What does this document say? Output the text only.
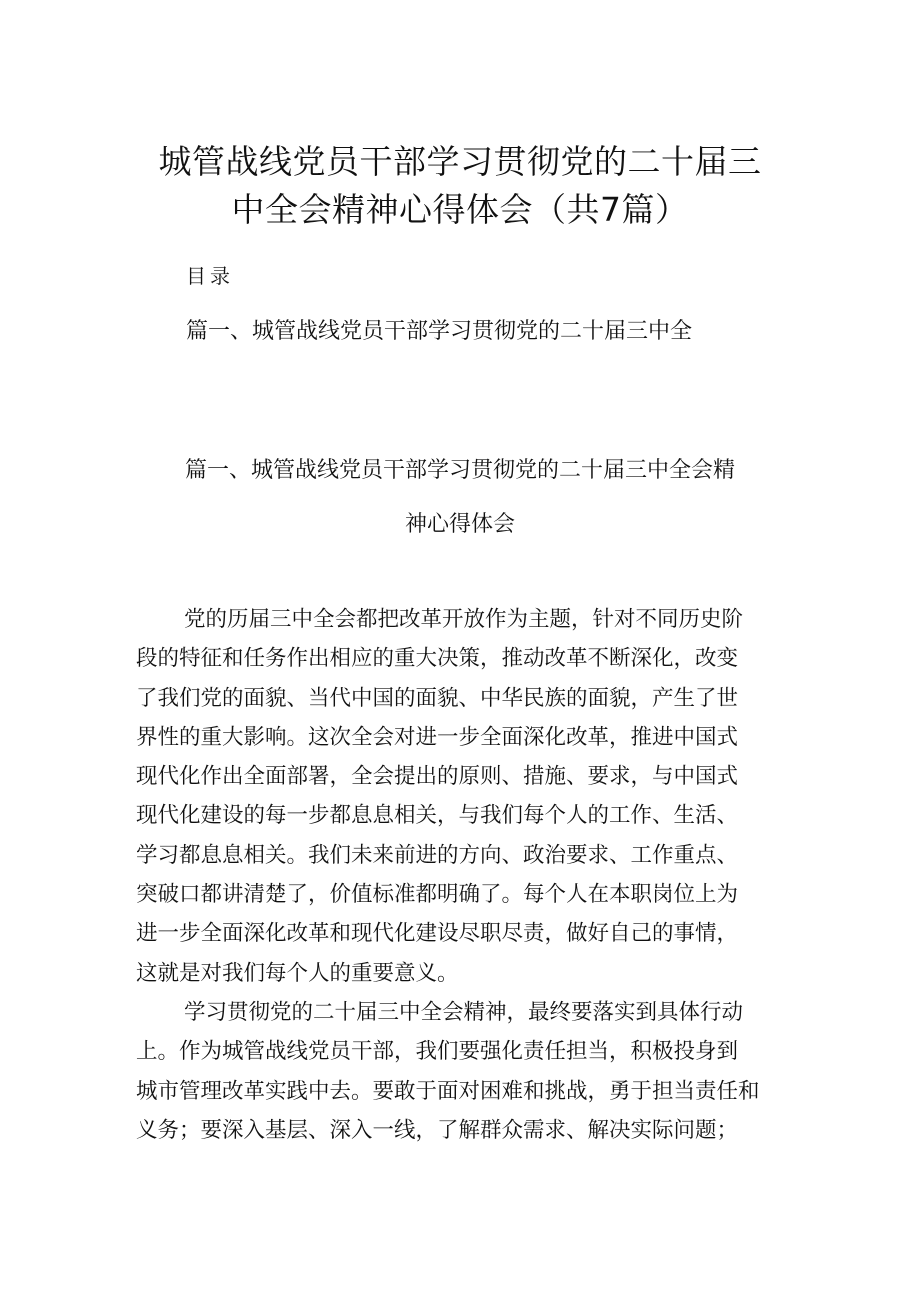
城管战线党员干部学习贯彻党的二十届三
中全会精神心得体会（共7篇）
目录
篇一、城管战线党员干部学习贯彻党的二十届三中全
篇一、城管战线党员干部学习贯彻党的二十届三中全会精
神心得体会
党的历届三中全会都把改革开放作为主题，针对不同历史阶
段的特征和任务作出相应的重大决策，推动改革不断深化，改变
了我们党的面貌、当代中国的面貌、中华民族的面貌，产生了世
界性的重大影响。这次全会对进一步全面深化改革，推进中国式
现代化作出全面部署，全会提出的原则、措施、要求，与中国式
现代化建设的每一步都息息相关，与我们每个人的工作、生活、
学习都息息相关。我们未来前进的方向、政治要求、工作重点、
突破口都讲清楚了，价值标准都明确了。每个人在本职岗位上为
进一步全面深化改革和现代化建设尽职尽责，做好自己的事情，
这就是对我们每个人的重要意义。
学习贯彻党的二十届三中全会精神，最终要落实到具体行动
上。作为城管战线党员干部，我们要强化责任担当，积极投身到
城市管理改革实践中去。要敢于面对困难和挑战，勇于担当责任和
义务；要深入基层、深入一线，了解群众需求、解决实际问题；
